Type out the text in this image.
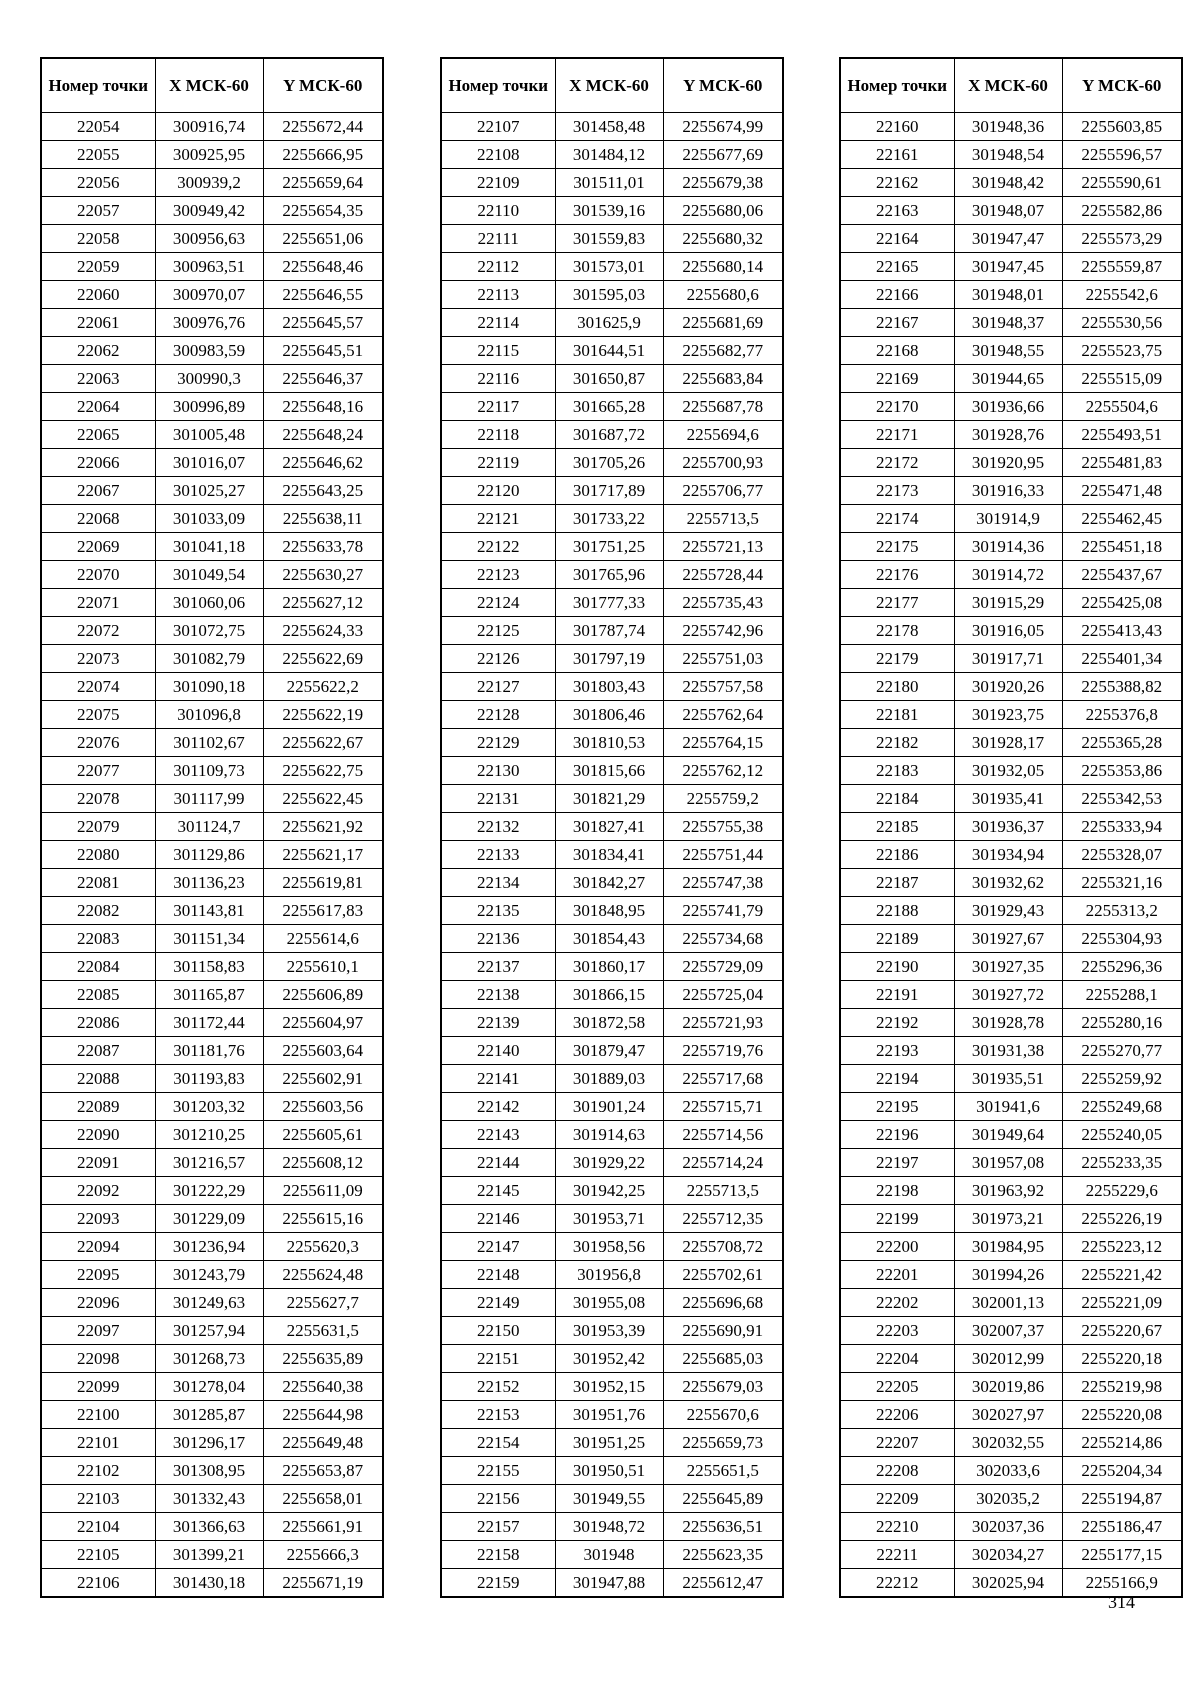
Номер точки	X МСК-60	Y МСК-60
22054	300916,74	2255672,44
22055	300925,95	2255666,95
22056	300939,2	2255659,64
22057	300949,42	2255654,35
22058	300956,63	2255651,06
22059	300963,51	2255648,46
22060	300970,07	2255646,55
22061	300976,76	2255645,57
22062	300983,59	2255645,51
22063	300990,3	2255646,37
22064	300996,89	2255648,16
22065	301005,48	2255648,24
22066	301016,07	2255646,62
22067	301025,27	2255643,25
22068	301033,09	2255638,11
22069	301041,18	2255633,78
22070	301049,54	2255630,27
22071	301060,06	2255627,12
22072	301072,75	2255624,33
22073	301082,79	2255622,69
22074	301090,18	2255622,2
22075	301096,8	2255622,19
22076	301102,67	2255622,67
22077	301109,73	2255622,75
22078	301117,99	2255622,45
22079	301124,7	2255621,92
22080	301129,86	2255621,17
22081	301136,23	2255619,81
22082	301143,81	2255617,83
22083	301151,34	2255614,6
22084	301158,83	2255610,1
22085	301165,87	2255606,89
22086	301172,44	2255604,97
22087	301181,76	2255603,64
22088	301193,83	2255602,91
22089	301203,32	2255603,56
22090	301210,25	2255605,61
22091	301216,57	2255608,12
22092	301222,29	2255611,09
22093	301229,09	2255615,16
22094	301236,94	2255620,3
22095	301243,79	2255624,48
22096	301249,63	2255627,7
22097	301257,94	2255631,5
22098	301268,73	2255635,89
22099	301278,04	2255640,38
22100	301285,87	2255644,98
22101	301296,17	2255649,48
22102	301308,95	2255653,87
22103	301332,43	2255658,01
22104	301366,63	2255661,91
22105	301399,21	2255666,3
22106	301430,18	2255671,19
Номер точки	X МСК-60	Y МСК-60
22107	301458,48	2255674,99
22108	301484,12	2255677,69
22109	301511,01	2255679,38
22110	301539,16	2255680,06
22111	301559,83	2255680,32
22112	301573,01	2255680,14
22113	301595,03	2255680,6
22114	301625,9	2255681,69
22115	301644,51	2255682,77
22116	301650,87	2255683,84
22117	301665,28	2255687,78
22118	301687,72	2255694,6
22119	301705,26	2255700,93
22120	301717,89	2255706,77
22121	301733,22	2255713,5
22122	301751,25	2255721,13
22123	301765,96	2255728,44
22124	301777,33	2255735,43
22125	301787,74	2255742,96
22126	301797,19	2255751,03
22127	301803,43	2255757,58
22128	301806,46	2255762,64
22129	301810,53	2255764,15
22130	301815,66	2255762,12
22131	301821,29	2255759,2
22132	301827,41	2255755,38
22133	301834,41	2255751,44
22134	301842,27	2255747,38
22135	301848,95	2255741,79
22136	301854,43	2255734,68
22137	301860,17	2255729,09
22138	301866,15	2255725,04
22139	301872,58	2255721,93
22140	301879,47	2255719,76
22141	301889,03	2255717,68
22142	301901,24	2255715,71
22143	301914,63	2255714,56
22144	301929,22	2255714,24
22145	301942,25	2255713,5
22146	301953,71	2255712,35
22147	301958,56	2255708,72
22148	301956,8	2255702,61
22149	301955,08	2255696,68
22150	301953,39	2255690,91
22151	301952,42	2255685,03
22152	301952,15	2255679,03
22153	301951,76	2255670,6
22154	301951,25	2255659,73
22155	301950,51	2255651,5
22156	301949,55	2255645,89
22157	301948,72	2255636,51
22158	301948	2255623,35
22159	301947,88	2255612,47
Номер точки	X МСК-60	Y МСК-60
22160	301948,36	2255603,85
22161	301948,54	2255596,57
22162	301948,42	2255590,61
22163	301948,07	2255582,86
22164	301947,47	2255573,29
22165	301947,45	2255559,87
22166	301948,01	2255542,6
22167	301948,37	2255530,56
22168	301948,55	2255523,75
22169	301944,65	2255515,09
22170	301936,66	2255504,6
22171	301928,76	2255493,51
22172	301920,95	2255481,83
22173	301916,33	2255471,48
22174	301914,9	2255462,45
22175	301914,36	2255451,18
22176	301914,72	2255437,67
22177	301915,29	2255425,08
22178	301916,05	2255413,43
22179	301917,71	2255401,34
22180	301920,26	2255388,82
22181	301923,75	2255376,8
22182	301928,17	2255365,28
22183	301932,05	2255353,86
22184	301935,41	2255342,53
22185	301936,37	2255333,94
22186	301934,94	2255328,07
22187	301932,62	2255321,16
22188	301929,43	2255313,2
22189	301927,67	2255304,93
22190	301927,35	2255296,36
22191	301927,72	2255288,1
22192	301928,78	2255280,16
22193	301931,38	2255270,77
22194	301935,51	2255259,92
22195	301941,6	2255249,68
22196	301949,64	2255240,05
22197	301957,08	2255233,35
22198	301963,92	2255229,6
22199	301973,21	2255226,19
22200	301984,95	2255223,12
22201	301994,26	2255221,42
22202	302001,13	2255221,09
22203	302007,37	2255220,67
22204	302012,99	2255220,18
22205	302019,86	2255219,98
22206	302027,97	2255220,08
22207	302032,55	2255214,86
22208	302033,6	2255204,34
22209	302035,2	2255194,87
22210	302037,36	2255186,47
22211	302034,27	2255177,15
22212	302025,94	2255166,9
314
